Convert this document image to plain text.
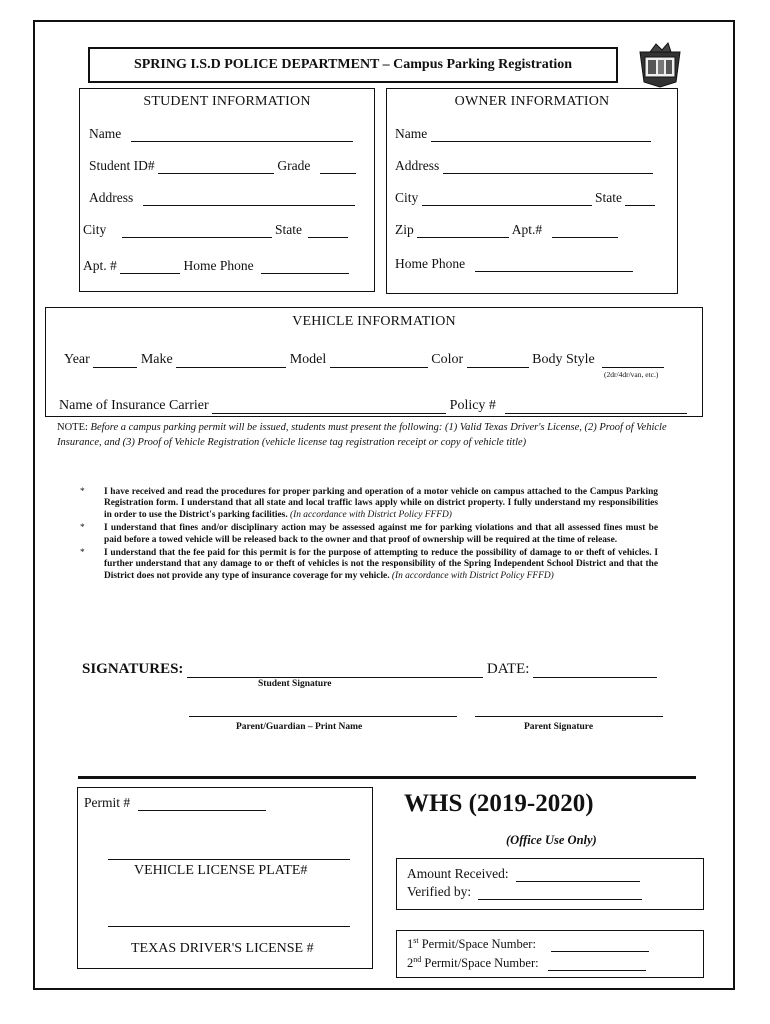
SPRING I.S.D POLICE DEPARTMENT – Campus Parking Registration
STUDENT INFORMATION
Name
Student ID#	Grade
Address
City	State
Apt. #	Home Phone
OWNER INFORMATION
Name
Address
City	State
Zip	Apt.#
Home Phone
VEHICLE INFORMATION
Year	Make	Model	Color	Body Style
(2dr/4dr/van, etc.)
Name of Insurance Carrier	Policy #
NOTE: Before a campus parking permit will be issued, students must present the following: (1) Valid Texas Driver's License, (2) Proof of Vehicle Insurance, and (3) Proof of Vehicle Registration (vehicle license tag registration receipt or copy of vehicle title)
* I have received and read the procedures for proper parking and operation of a motor vehicle on campus attached to the Campus Parking Registration form. I understand that all state and local traffic laws apply while on district property. I fully understand my responsibilities in order to use the District's parking facilities. (In accordance with District Policy FFFD)
* I understand that fines and/or disciplinary action may be assessed against me for parking violations and that all assessed fines must be paid before a towed vehicle will be released back to the owner and that proof of ownership will be required at the time of release.
* I understand that the fee paid for this permit is for the purpose of attempting to reduce the possibility of damage to or theft of vehicles. I further understand that any damage to or theft of vehicles is not the responsibility of the Spring Independent School District and that the District does not provide any type of insurance coverage for my vehicle. (In accordance with District Policy FFFD)
SIGNATURES:	DATE:
Student Signature
Parent/Guardian – Print Name	Parent Signature
Permit #
VEHICLE LICENSE PLATE#
TEXAS DRIVER'S LICENSE #
WHS (2019-2020)
(Office Use Only)
Amount Received:
Verified by:
1st Permit/Space Number:
2nd Permit/Space Number:
